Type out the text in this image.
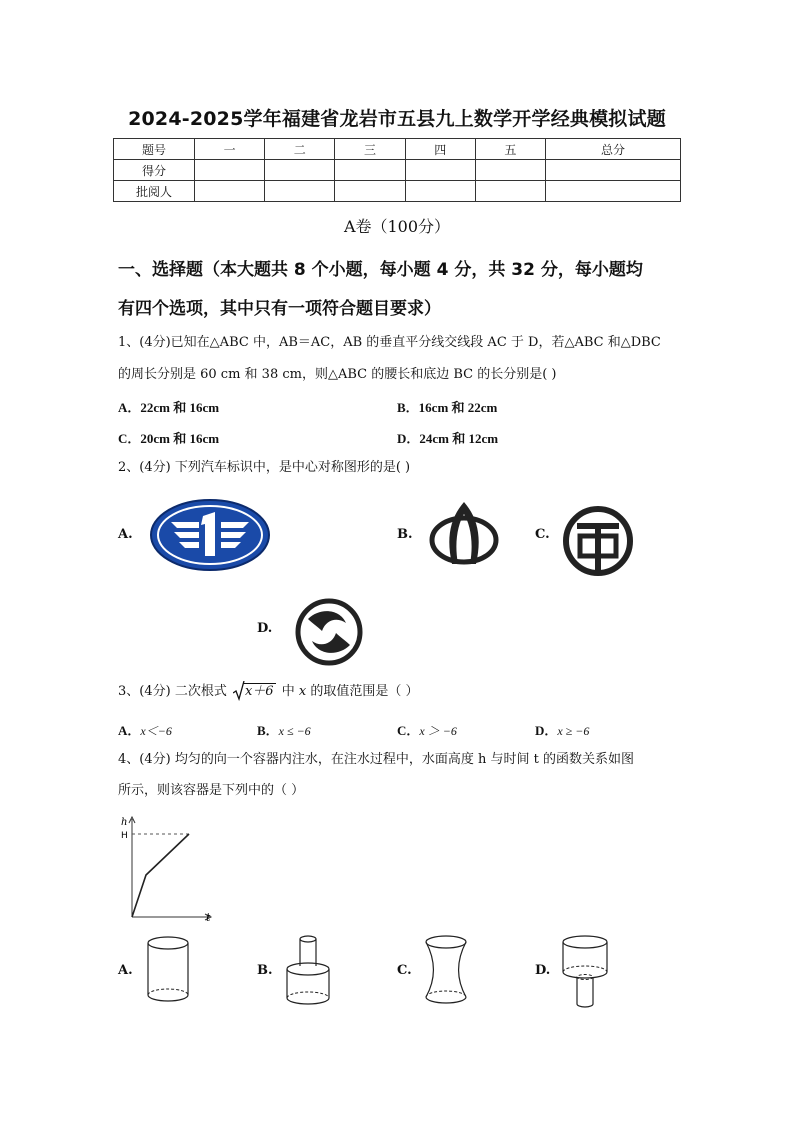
2024-2025学年福建省龙岩市五县九上数学开学经典模拟试题
题号	一	二	三	四	五	总分
得分						
批阅人						
A卷（100分）
一、选择题（本大题共 8 个小题，每小题 4 分，共 32 分，每小题均
有四个选项，其中只有一项符合题目要求）
1、(4分)已知在△ABC 中，AB＝AC，AB 的垂直平分线交线段 AC 于 D，若△ABC 和△DBC
的周长分别是 60 cm 和 38 cm，则△ABC 的腰长和底边 BC 的长分别是( )
A．22cm 和 16cm	B．16cm 和 22cm
C．20cm 和 16cm	D．24cm 和 12cm
2、(4分) 下列汽车标识中，是中心对称图形的是( )
A.	B.	C.
D.
3、(4分) 二次根式 x＋6 中 x 的取值范围是（ ）
A．x＜−6	B．x ≤ −6	C．x ＞ −6	D．x ≥ −6
4、(4分) 均匀的向一个容器内注水，在注水过程中，水面高度 h 与时间 t 的函数关系如图
所示，则该容器是下列中的（ ）
h
H
t
A.	B.	C.	D.
